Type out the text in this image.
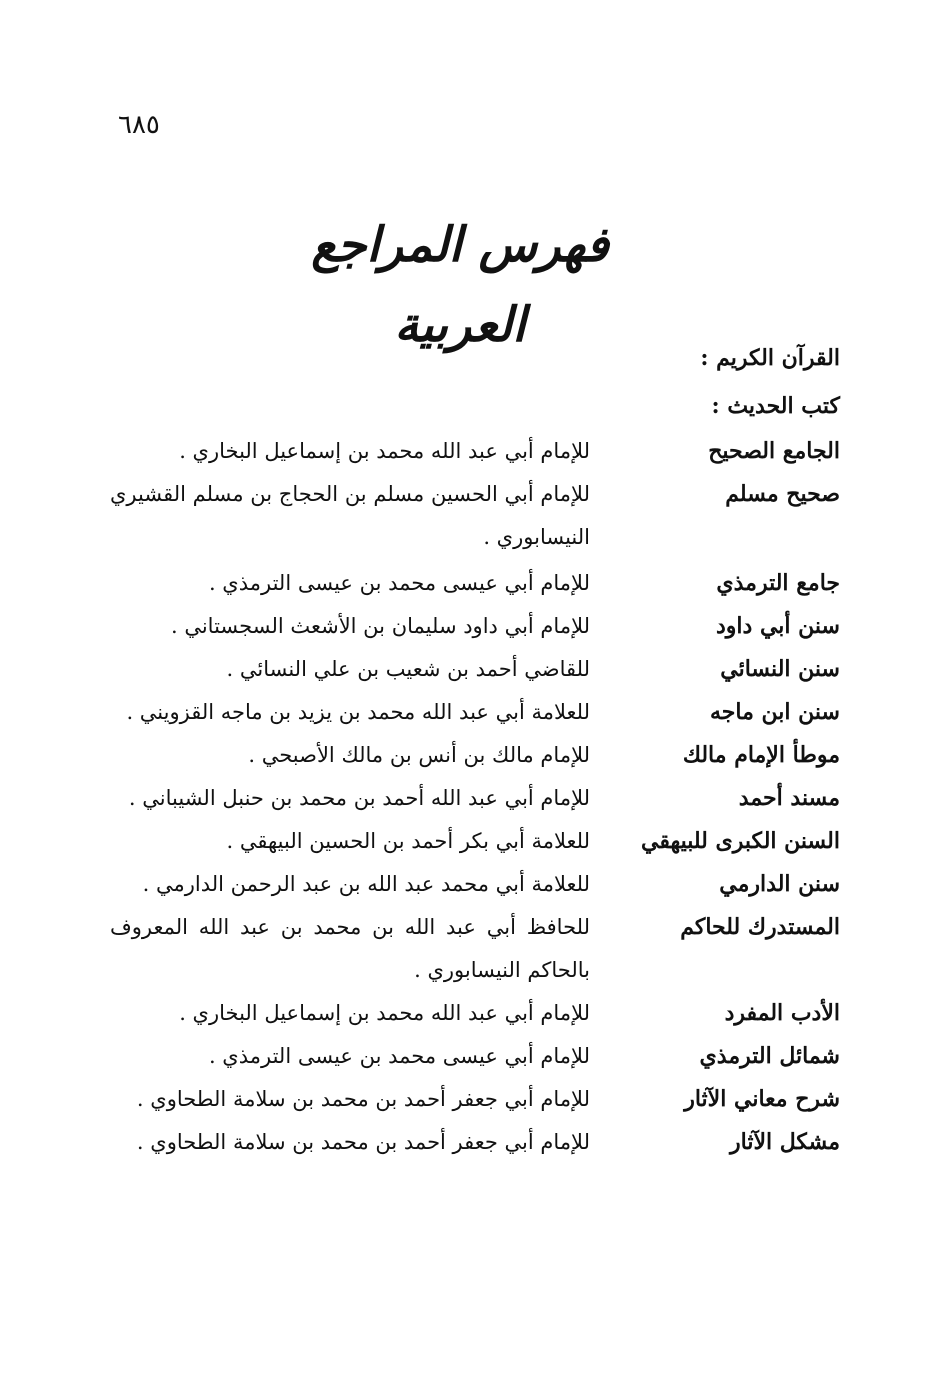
٦٨٥
فهرس المراجع العربية
القرآن الكريم :
كتب الحديث :
الجامع الصحيح
للإمام أبي عبد الله محمد بن إسماعيل البخاري .
صحيح مسلم
للإمام أبي الحسين مسلم بن الحجاج بن مسلم القشيري النيسابوري .
جامع الترمذي
للإمام أبي عيسى محمد بن عيسى الترمذي .
سنن أبي داود
للإمام أبي داود سليمان بن الأشعث السجستاني .
سنن النسائي
للقاضي أحمد بن شعيب بن علي النسائي .
سنن ابن ماجه
للعلامة أبي عبد الله محمد بن يزيد بن ماجه القزويني .
موطأ الإمام مالك
للإمام مالك بن أنس بن مالك الأصبحي .
مسند أحمد
للإمام أبي عبد الله أحمد بن محمد بن حنبل الشيباني .
السنن الكبرى للبيهقي
للعلامة أبي بكر أحمد بن الحسين البيهقي .
سنن الدارمي
للعلامة أبي محمد عبد الله بن عبد الرحمن الدارمي .
المستدرك للحاكم
للحافظ أبي عبد الله بن محمد بن عبد الله المعروف بالحاكم النيسابوري .
الأدب المفرد
للإمام أبي عبد الله محمد بن إسماعيل البخاري .
شمائل الترمذي
للإمام أبي عيسى محمد بن عيسى الترمذي .
شرح معاني الآثار
للإمام أبي جعفر أحمد بن محمد بن سلامة الطحاوي .
مشكل الآثار
للإمام أبي جعفر أحمد بن محمد بن سلامة الطحاوي .
